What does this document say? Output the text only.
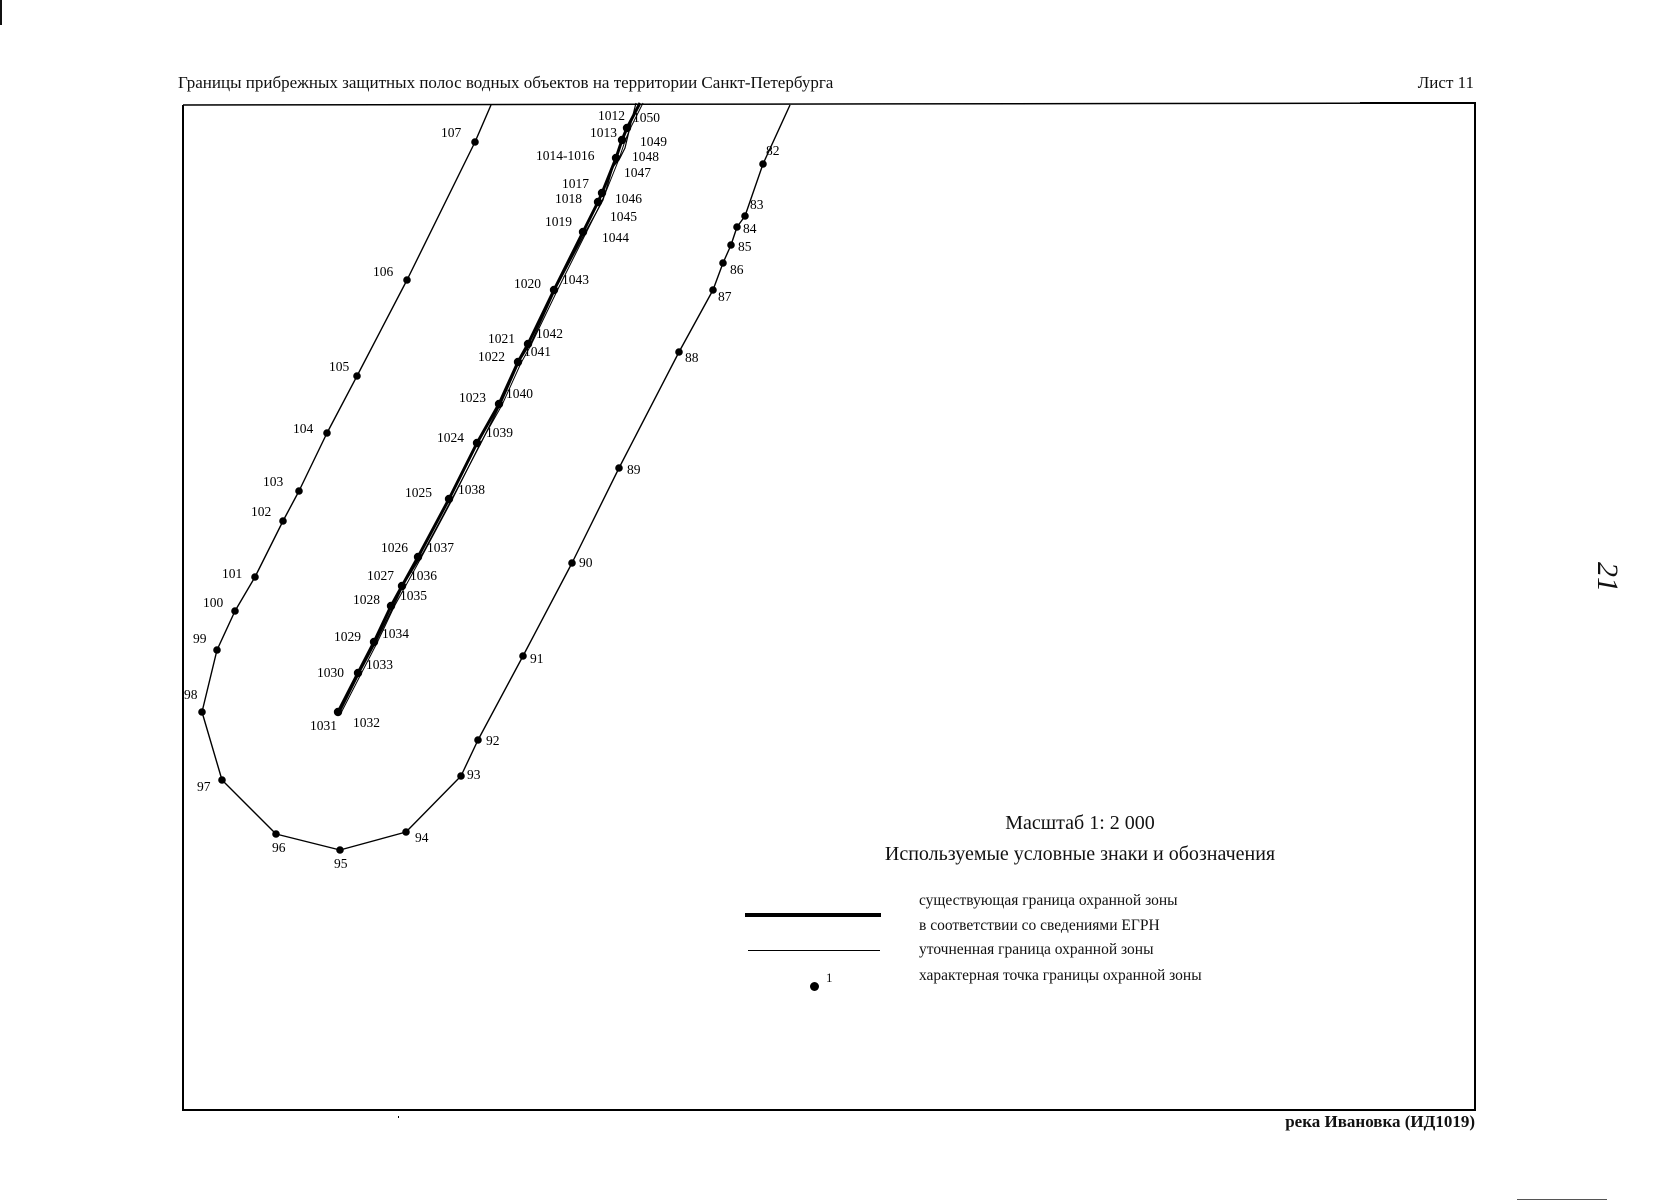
Границы прибрежных защитных полос водных объектов на территории Санкт-Петербурга	Лист 11
82
83
84
85
86
87
88
89
90
91
92
93
94
95
96
97
98
99
100
101
102
103
104
105
106
107
1012
1013
1014-1016
1017
1018
1019
1020
1021
1022
1023
1024
1025
1026
1027
1028
1029
1030
1031 1032
1033
1034
1035
1036
1037
1038
1039
1040
1041
1042
1043
1044
1045
1046
1047
1048
1049
1050
Масштаб 1: 2 000
Используемые условные знаки и обозначения
существующая граница охранной зоны
в соответствии со сведениями ЕГРН
уточненная граница охранной зоны
1	характерная точка границы охранной зоны
река Ивановка (ИД1019)
21
